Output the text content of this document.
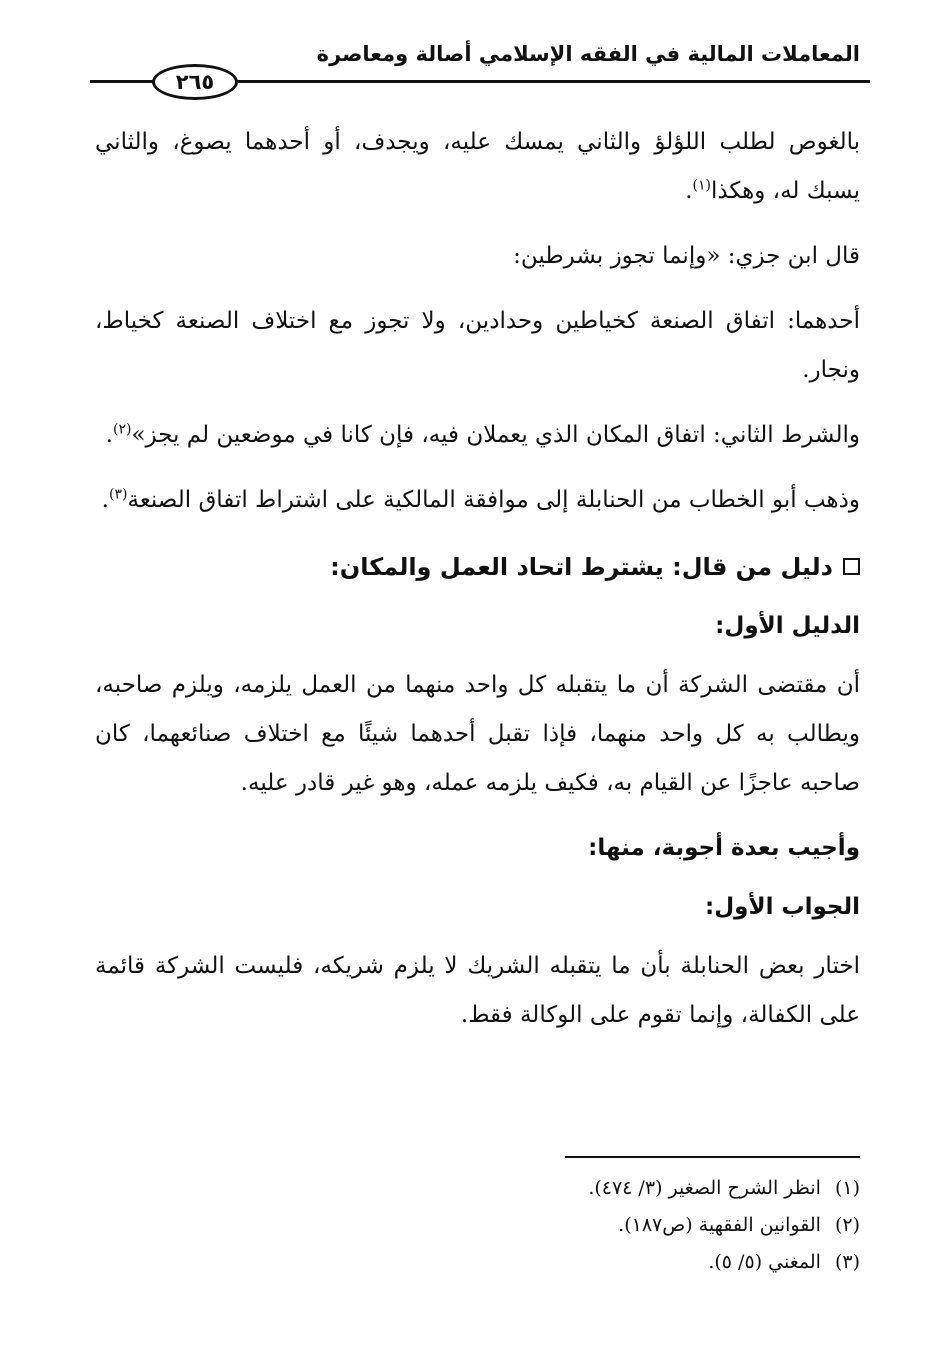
المعاملات المالية في الفقه الإسلامي أصالة ومعاصرة
٢٦٥

بالغوص لطلب اللؤلؤ والثاني يمسك عليه، ويجدف، أو أحدهما يصوغ، والثاني يسبك له، وهكذا$^{(١)}$.

قال ابن جزي: «وإنما تجوز بشرطين:

أحدهما: اتفاق الصنعة كخياطين وحدادين، ولا تجوز مع اختلاف الصنعة كخياط، ونجار.

والشرط الثاني: اتفاق المكان الذي يعملان فيه، فإن كانا في موضعين لم يجز»$^{(٢)}$.

وذهب أبو الخطاب من الحنابلة إلى موافقة المالكية على اشتراط اتفاق الصنعة$^{(٣)}$.

دليل من قال: يشترط اتحاد العمل والمكان:

الدليل الأول:

أن مقتضى الشركة أن ما يتقبله كل واحد منهما من العمل يلزمه، ويلزم صاحبه، ويطالب به كل واحد منهما، فإذا تقبل أحدهما شيئًا مع اختلاف صنائعهما، كان صاحبه عاجزًا عن القيام به، فكيف يلزمه عمله، وهو غير قادر عليه.

وأجيب بعدة أجوبة، منها:

الجواب الأول:

اختار بعض الحنابلة بأن ما يتقبله الشريك لا يلزم شريكه، فليست الشركة قائمة على الكفالة، وإنما تقوم على الوكالة فقط.

(١)انظر الشرح الصغير (٣/ ٤٧٤).
(٢)القوانين الفقهية (ص١٨٧).
(٣)المغني (٥/ ٥).
